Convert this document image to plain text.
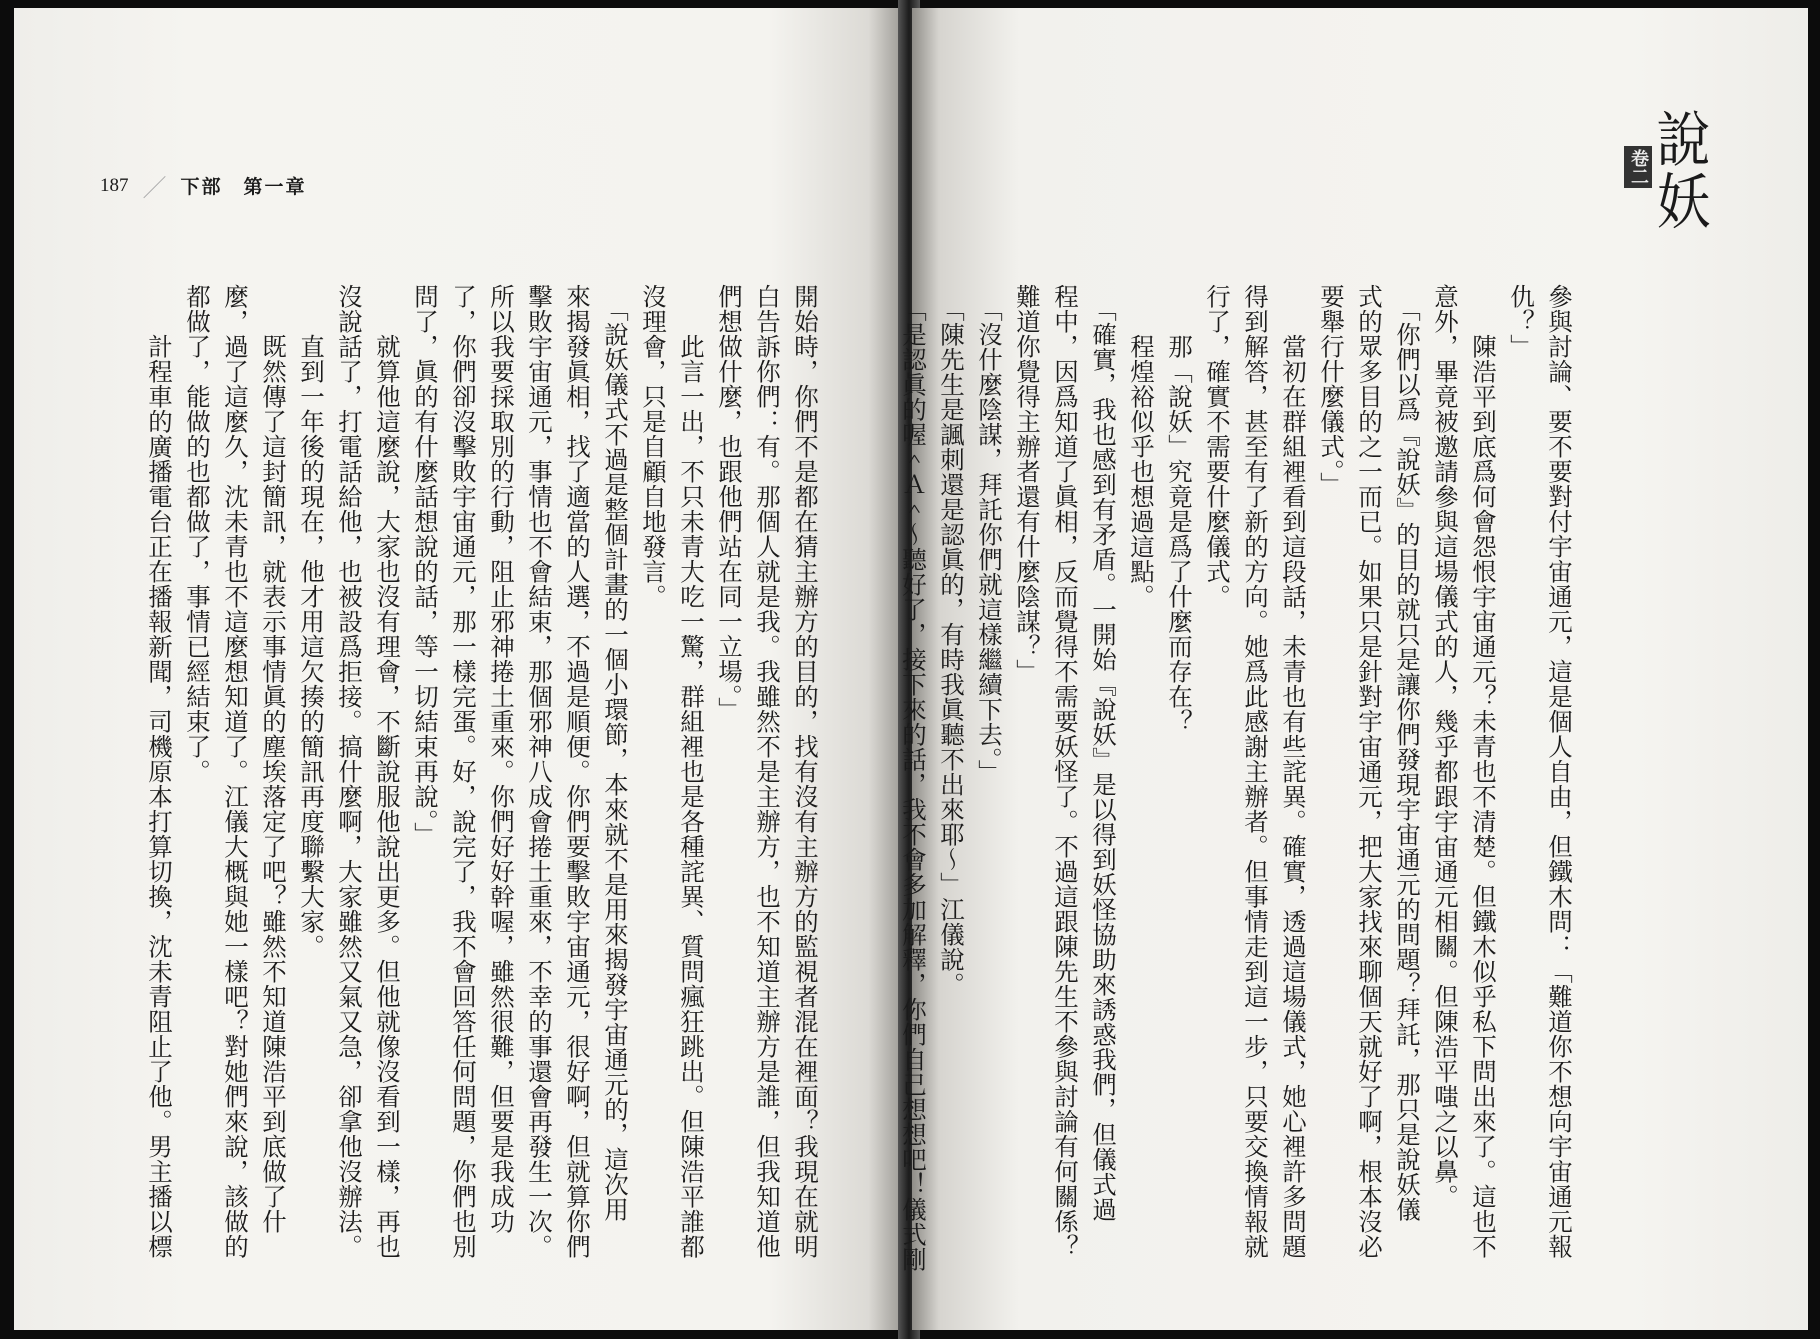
187 ／ 下部　第一章
開始時，你們不是都在猜主辦方的目的，找有沒有主辦方的監視者混在裡面？我現在就明
白告訴你們：有。那個人就是我。我雖然不是主辦方，也不知道主辦方是誰，但我知道他
們想做什麼，也跟他們站在同一立場。」
　　此言一出，不只未青大吃一驚，群組裡也是各種詫異、質問瘋狂跳出。但陳浩平誰都
沒理會，只是自顧自地發言。
　「說妖儀式不過是整個計畫的一個小環節，本來就不是用來揭發宇宙通元的，這次用
來揭發眞相，找了適當的人選，不過是順便。你們要擊敗宇宙通元，很好啊，但就算你們
擊敗宇宙通元，事情也不會結束，那個邪神八成會捲土重來，不幸的事還會再發生一次。
所以我要採取別的行動，阻止邪神捲土重來。你們好好幹喔，雖然很難，但要是我成功
了，你們卻沒擊敗宇宙通元，那一樣完蛋。好，說完了，我不會回答任何問題，你們也別
問了，眞的有什麼話想說的話，等一切結束再說。」
　　就算他這麼說，大家也沒有理會，不斷說服他說出更多。但他就像沒看到一樣，再也
沒說話了，打電話給他，也被設爲拒接。搞什麼啊，大家雖然又氣又急，卻拿他沒辦法。
　　直到一年後的現在，他才用這欠揍的簡訊再度聯繫大家。
　　既然傳了這封簡訊，就表示事情眞的塵埃落定了吧？雖然不知道陳浩平到底做了什
麼，過了這麼久，沈未青也不這麼想知道了。江儀大概與她一樣吧？對她們來說，該做的
都做了，能做的也都做了，事情已經結束了。
　　計程車的廣播電台正在播報新聞，司機原本打算切換，沈未青阻止了他。男主播以標
卷二
說妖
參與討論、要不要對付宇宙通元，這是個人自由，但鐵木問：「難道你不想向宇宙通元報
仇？」
　　陳浩平到底爲何會怨恨宇宙通元？未青也不清楚。但鐵木似乎私下問出來了。這也不
意外，畢竟被邀請參與這場儀式的人，幾乎都跟宇宙通元相關。但陳浩平嗤之以鼻。
　「你們以爲『說妖』的目的就只是讓你們發現宇宙通元的問題？拜託，那只是說妖儀
式的眾多目的之一而已。如果只是針對宇宙通元，把大家找來聊個天就好了啊，根本沒必
要舉行什麼儀式。」
　　當初在群組裡看到這段話，未青也有些詫異。確實，透過這場儀式，她心裡許多問題
得到解答，甚至有了新的方向。她爲此感謝主辦者。但事情走到這一步，只要交換情報就
行了，確實不需要什麼儀式。
　　那「說妖」究竟是爲了什麼而存在？
　　程煌裕似乎也想過這點。
　「確實，我也感到有矛盾。一開始『說妖』是以得到妖怪協助來誘惑我們，但儀式過
程中，因爲知道了眞相，反而覺得不需要妖怪了。不過這跟陳先生不參與討論有何關係？
難道你覺得主辦者還有什麼陰謀？」
　「沒什麼陰謀，拜託你們就這樣繼續下去。」
　「陳先生是諷刺還是認眞的，有時我眞聽不出來耶～」江儀說。
　「是認眞的喔＾Ａ＾～聽好了，接下來的話，我不會多加解釋，你們自己想想吧！儀式剛
